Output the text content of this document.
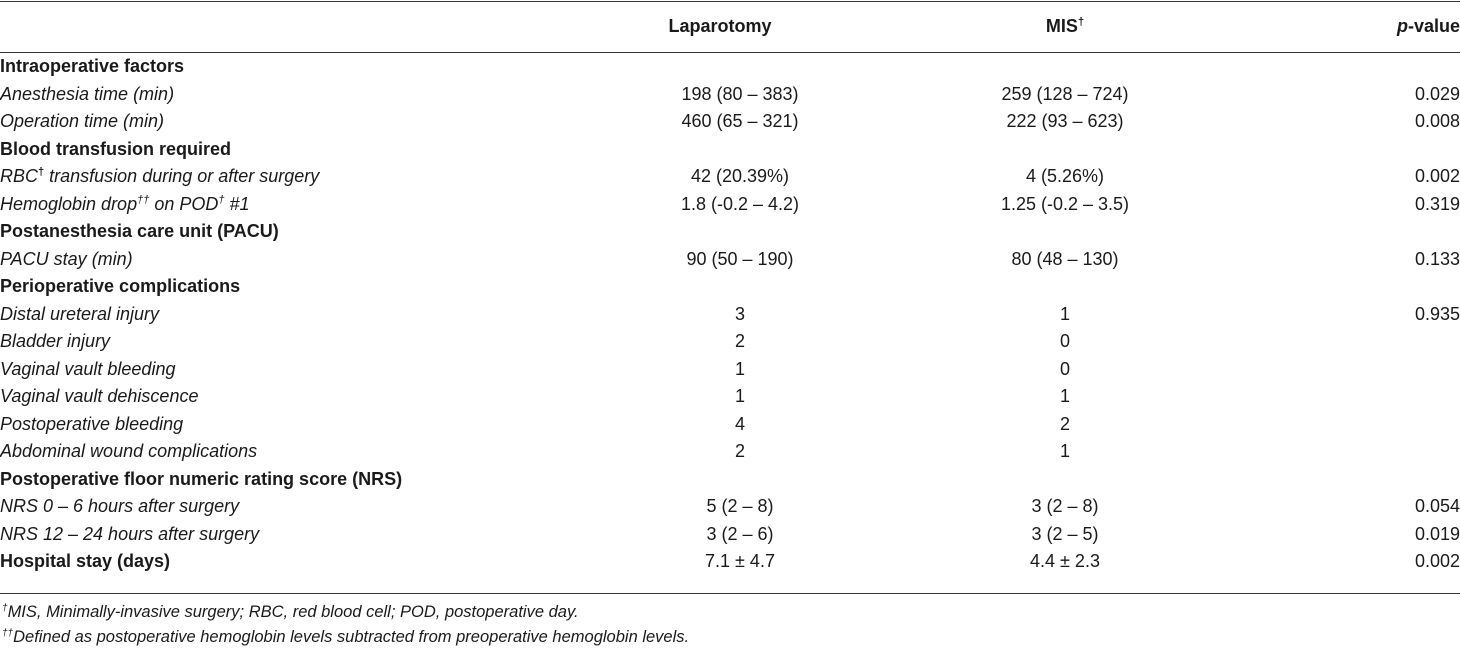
	Laparotomy	MIS†	p-value
Intraoperative factors			
Anesthesia time (min)	198 (80 – 383)	259 (128 – 724)	0.029
Operation time (min)	460 (65 – 321)	222 (93 – 623)	0.008
Blood transfusion required			
RBC† transfusion during or after surgery	42 (20.39%)	4 (5.26%)	0.002
Hemoglobin drop†† on POD† #1	1.8 (-0.2 – 4.2)	1.25 (-0.2 – 3.5)	0.319
Postanesthesia care unit (PACU)			
PACU stay (min)	90 (50 – 190)	80 (48 – 130)	0.133
Perioperative complications			
Distal ureteral injury	3	1	0.935
Bladder injury	2	0	
Vaginal vault bleeding	1	0	
Vaginal vault dehiscence	1	1	
Postoperative bleeding	4	2	
Abdominal wound complications	2	1	
Postoperative floor numeric rating score (NRS)			
NRS 0 – 6 hours after surgery	5 (2 – 8)	3 (2 – 8)	0.054
NRS 12 – 24 hours after surgery	3 (2 – 6)	3 (2 – 5)	0.019
Hospital stay (days)	7.1 ± 4.7	4.4 ± 2.3	0.002
†MIS, Minimally-invasive surgery; RBC, red blood cell; POD, postoperative day.
††Defined as postoperative hemoglobin levels subtracted from preoperative hemoglobin levels.
